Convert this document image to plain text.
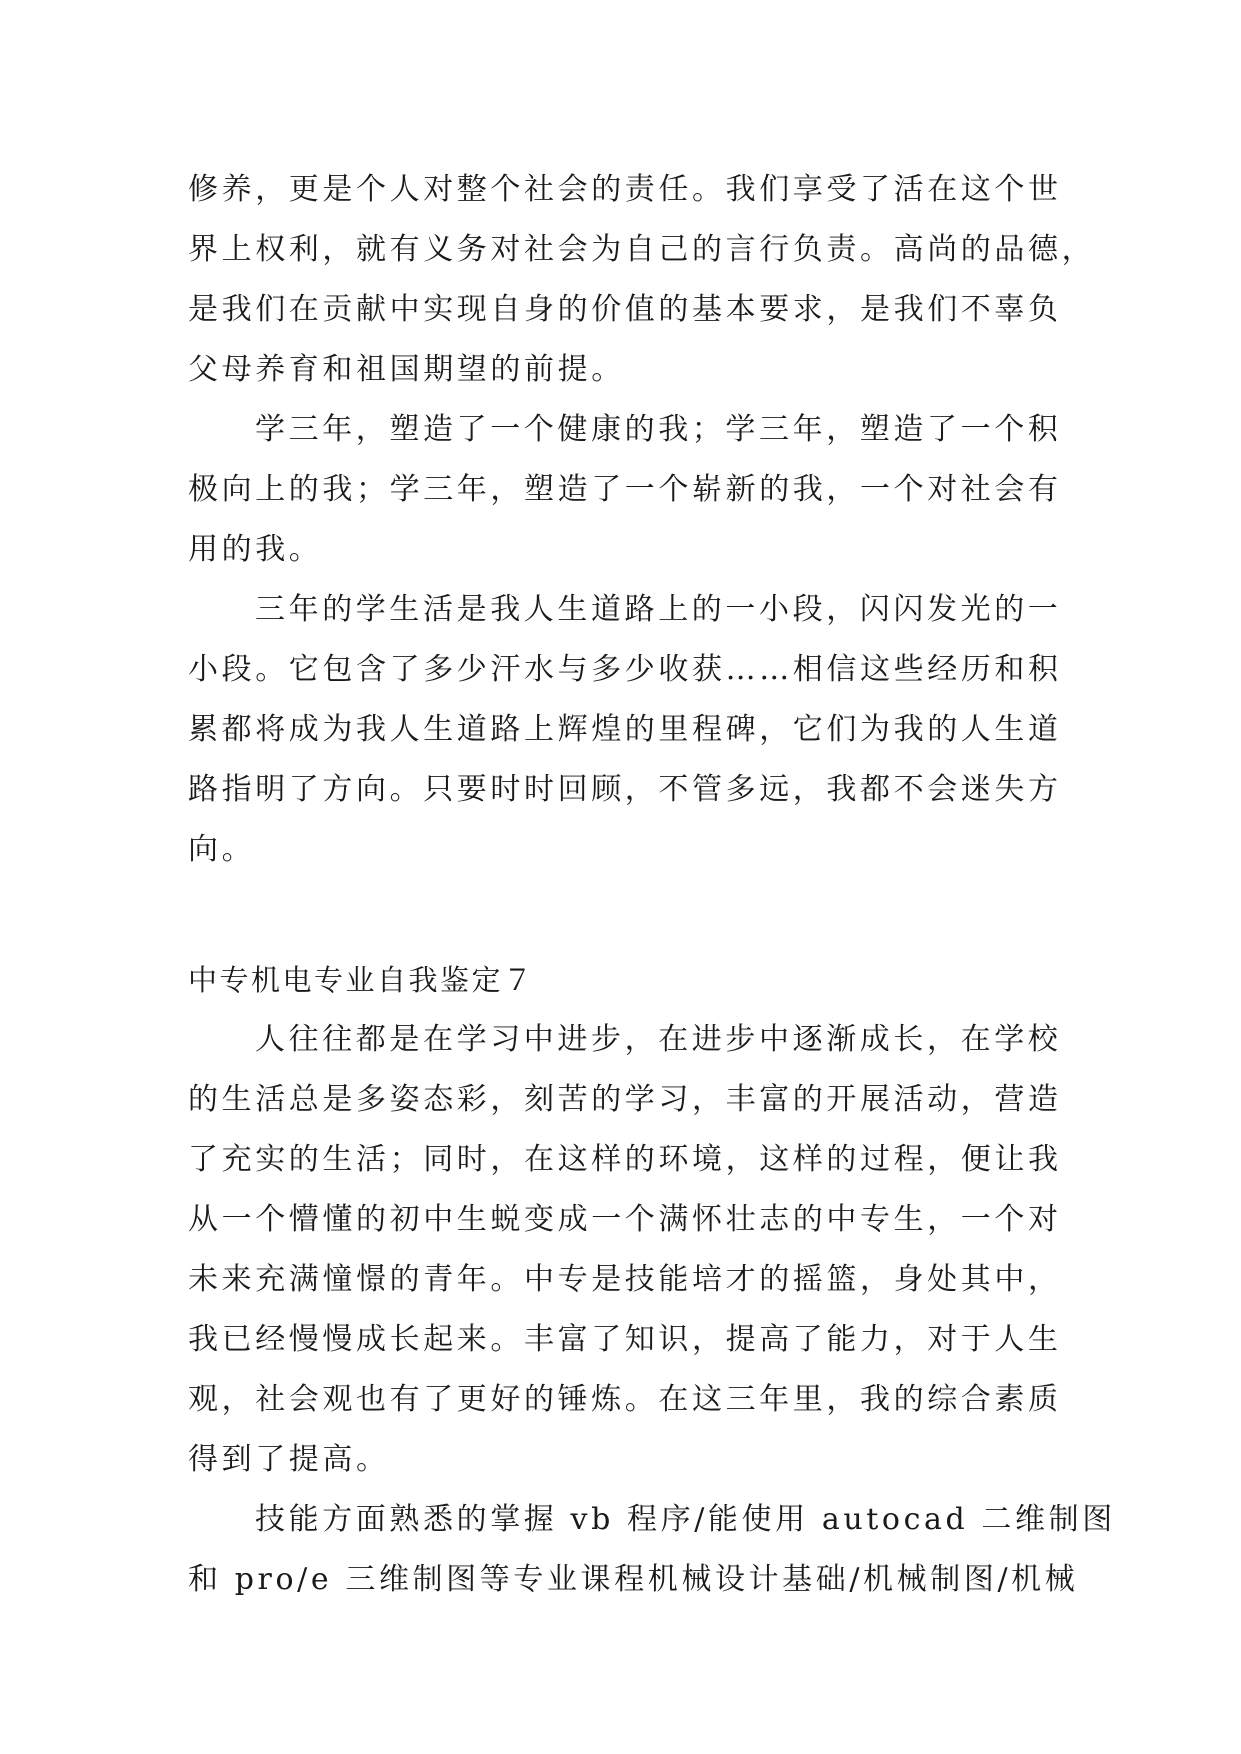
修养，更是个人对整个社会的责任。我们享受了活在这个世
界上权利，就有义务对社会为自己的言行负责。高尚的品德，
是我们在贡献中实现自身的价值的基本要求，是我们不辜负
父母养育和祖国期望的前提。
学三年，塑造了一个健康的我；学三年，塑造了一个积
极向上的我；学三年，塑造了一个崭新的我，一个对社会有
用的我。
三年的学生活是我人生道路上的一小段，闪闪发光的一
小段。它包含了多少汗水与多少收获……相信这些经历和积
累都将成为我人生道路上辉煌的里程碑，它们为我的人生道
路指明了方向。只要时时回顾，不管多远，我都不会迷失方
向。
中专机电专业自我鉴定７
人往往都是在学习中进步，在进步中逐渐成长，在学校
的生活总是多姿态彩，刻苦的学习，丰富的开展活动，营造
了充实的生活；同时，在这样的环境，这样的过程，便让我
从一个懵懂的初中生蜕变成一个满怀壮志的中专生，一个对
未来充满憧憬的青年。中专是技能培才的摇篮，身处其中，
我已经慢慢成长起来。丰富了知识，提高了能力，对于人生
观，社会观也有了更好的锤炼。在这三年里，我的综合素质
得到了提高。
技能方面熟悉的掌握 vb 程序/能使用 autocad 二维制图
和 pro/e 三维制图等专业课程机械设计基础/机械制图/机械
